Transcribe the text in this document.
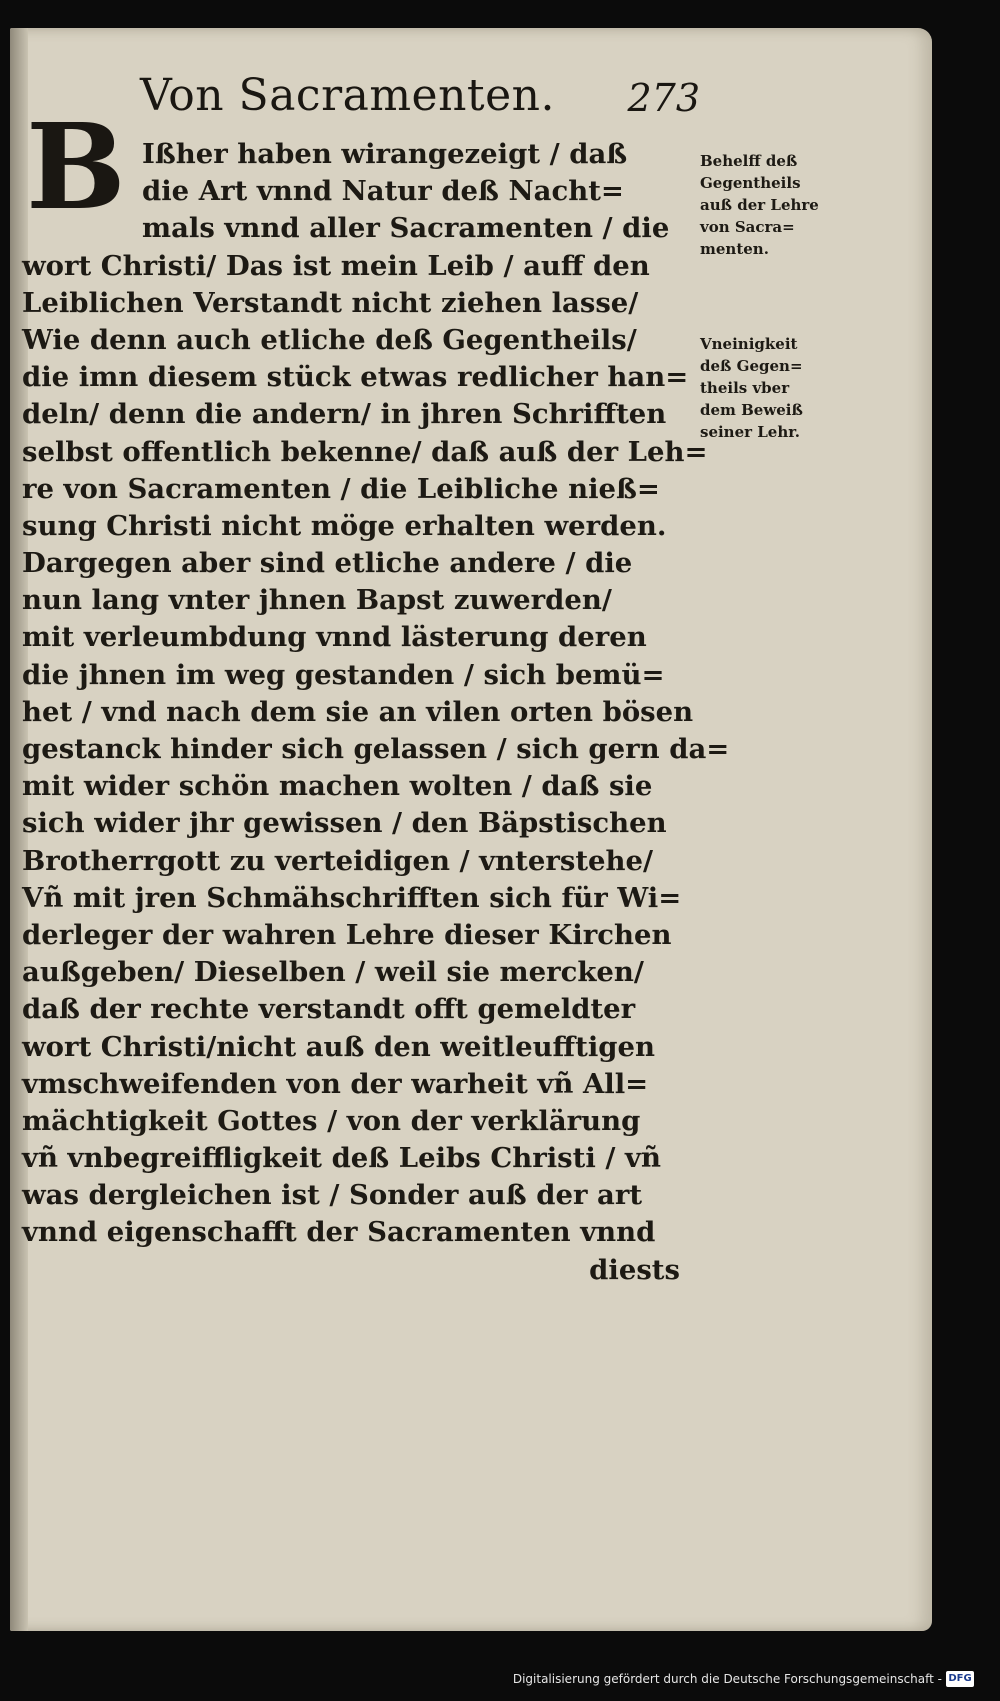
Von Sacramenten. 273
B Ißher haben wirangezeigt / daß
die Art vnnd Natur deß Nacht=
mals vnnd aller Sacramenten / die
wort Christi/ Das ist mein Leib / auff den
Leiblichen Verstandt nicht ziehen lasse/
Wie denn auch etliche deß Gegentheils/
die imn diesem stück etwas redlicher han=
deln/ denn die andern/ in jhren Schrifften
selbst offentlich bekenne/ daß auß der Leh=
re von Sacramenten / die Leibliche nieß=
sung Christi nicht möge erhalten werden.
Dargegen aber sind etliche andere / die
nun lang vnter jhnen Bapst zuwerden/
mit verleumbdung vnnd lästerung deren
die jhnen im weg gestanden / sich bemü=
het / vnd nach dem sie an vilen orten bösen
gestanck hinder sich gelassen / sich gern da=
mit wider schön machen wolten / daß sie
sich wider jhr gewissen / den Bäpstischen
Brotherrgott zu verteidigen / vnterstehe/
Vñ mit jren Schmähschrifften sich für Wi=
derleger der wahren Lehre dieser Kirchen
außgeben/ Dieselben / weil sie mercken/
daß der rechte verstandt offt gemeldter
wort Christi/nicht auß den weitleufftigen
vmschweifenden von der warheit vñ All=
mächtigkeit Gottes / von der verklärung
vñ vnbegreiffligkeit deß Leibs Christi / vñ
was dergleichen ist / Sonder auß der art
vnnd eigenschafft der Sacramenten vnnd
diests
Behelff deß
Gegentheils
auß der Lehre
von Sacra=
menten.
Vneinigkeit
deß Gegen=
theils vber
dem Beweiß
seiner Lehr.
Digitalisierung gefördert durch die Deutsche Forschungsgemeinschaft - DFG
